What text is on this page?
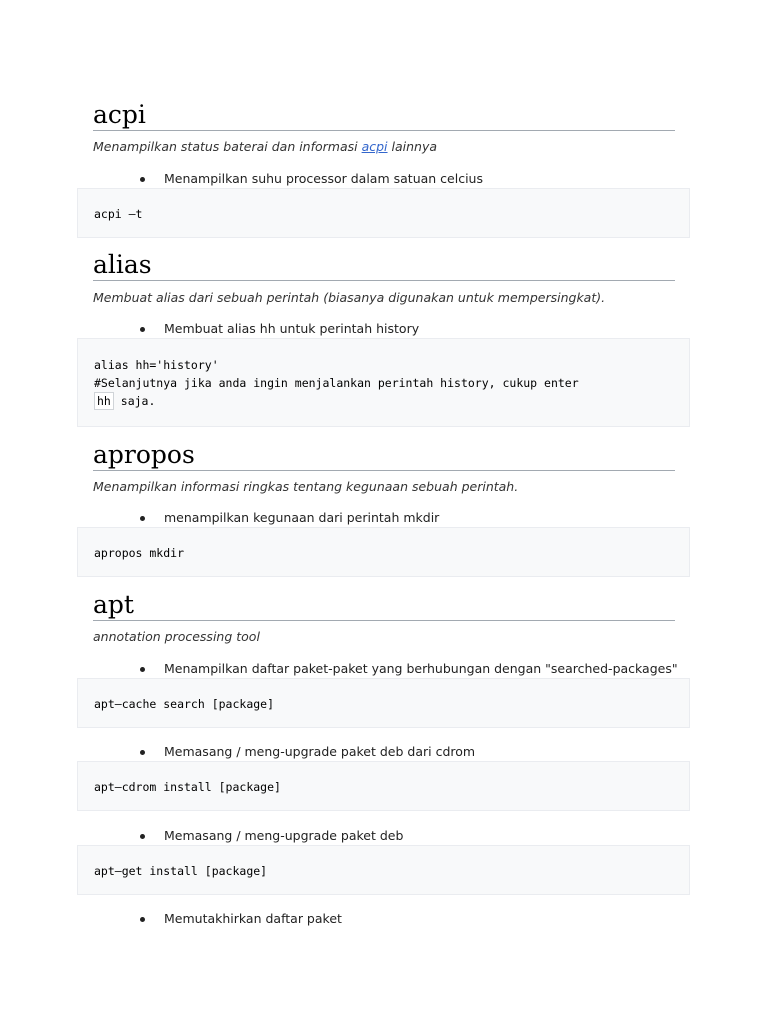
acpi
Menampilkan status baterai dan informasi acpi lainnya
Menampilkan suhu processor dalam satuan celcius
acpi –t
alias
Membuat alias dari sebuah perintah (biasanya digunakan untuk mempersingkat).
Membuat alias hh untuk perintah history
alias hh='history'
#Selanjutnya jika anda ingin menjalankan perintah history, cukup enter
hh saja.
apropos
Menampilkan informasi ringkas tentang kegunaan sebuah perintah.
menampilkan kegunaan dari perintah mkdir
apropos mkdir
apt
annotation processing tool
Menampilkan daftar paket-paket yang berhubungan dengan "searched-packages"
apt–cache search [package]
Memasang / meng-upgrade paket deb dari cdrom
apt–cdrom install [package]
Memasang / meng-upgrade paket deb
apt–get install [package]
Memutakhirkan daftar paket
